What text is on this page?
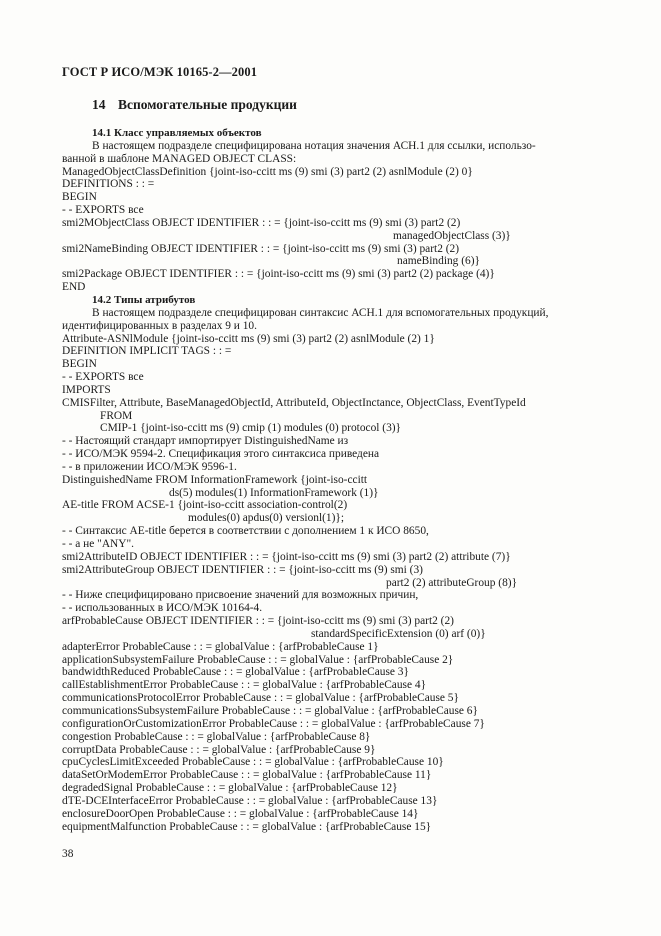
ГОСТ Р ИСО/МЭК 10165-2—2001
14 Вспомогательные продукции
14.1 Класс управляемых объектов
В настоящем подразделе специфицирована нотация значения АСН.1 для ссылки, использо-
ванной в шаблоне MANAGED OBJECT CLASS:
ManagedObjectClassDefinition {joint-iso-ccitt ms (9) smi (3) part2 (2) asnlModule (2) 0}
DEFINITIONS : : =
BEGIN
- - EXPORTS все
smi2MObjectClass OBJECT IDENTIFIER : : = {joint-iso-ccitt ms (9) smi (3) part2 (2)
managedObjectClass (3)}
smi2NameBinding OBJECT IDENTIFIER : : = {joint-iso-ccitt ms (9) smi (3) part2 (2)
nameBinding (6)}
smi2Package OBJECT IDENTIFIER : : = {joint-iso-ccitt ms (9) smi (3) part2 (2) package (4)}
END
14.2 Типы атрибутов
В настоящем подразделе специфицирован синтаксис АСН.1 для вспомогательных продукций,
идентифицированных в разделах 9 и 10.
Attribute-ASNlModule {joint-iso-ccitt ms (9) smi (3) part2 (2) asnlModule (2) 1}
DEFINITION IMPLICIT TAGS : : =
BEGIN
- - EXPORTS все
IMPORTS
CMISFilter, Attribute, BaseManagedObjectId, AttributeId, ObjectInctance, ObjectClass, EventTypeId
FROM
CMIP-1 {joint-iso-ccitt ms (9) cmip (1) modules (0) protocol (3)}
- - Настоящий стандарт импортирует DistinguishedName из
- - ИСО/МЭК 9594-2. Спецификация этого синтаксиса приведена
- - в приложении ИСО/МЭК 9596-1.
DistinguishedName FROM InformationFramework {joint-iso-ccitt
ds(5) modules(1) InformationFramework (1)}
AE-title FROM ACSE-1 {joint-iso-ccitt association-control(2)
modules(0) apdus(0) versionl(1)};
- - Синтаксис AE-title берется в соответствии с дополнением 1 к ИСО 8650,
- - а не "ANY".
smi2AttributeID OBJECT IDENTIFIER : : = {joint-iso-ccitt ms (9) smi (3) part2 (2) attribute (7)}
smi2AttributeGroup OBJECT IDENTIFIER : : = {joint-iso-ccitt ms (9) smi (3)
part2 (2) attributeGroup (8)}
- - Ниже специфицировано присвоение значений для возможных причин,
- - использованных в ИСО/МЭК 10164-4.
arfProbableCause OBJECT IDENTIFIER : : = {joint-iso-ccitt ms (9) smi (3) part2 (2)
standardSpecificExtension (0) arf (0)}
adapterError ProbableCause : : = globalValue : {arfProbableCause 1}
applicationSubsystemFailure ProbableCause : : = globalValue : {arfProbableCause 2}
bandwidthReduced ProbableCause : : = globalValue : {arfProbableCause 3}
callEstablishmentError ProbableCause : : = globalValue : {arfProbableCause 4}
communicationsProtocolError ProbableCause : : = globalValue : {arfProbableCause 5}
communicationsSubsystemFailure ProbableCause : : = globalValue : {arfProbableCause 6}
configurationOrCustomizationError ProbableCause : : = globalValue : {arfProbableCause 7}
congestion ProbableCause : : = globalValue : {arfProbableCause 8}
corruptData ProbableCause : : = globalValue : {arfProbableCause 9}
cpuCyclesLimitExceeded ProbableCause : : = globalValue : {arfProbableCause 10}
dataSetOrModemError ProbableCause : : = globalValue : {arfProbableCause 11}
degradedSignal ProbableCause : : = globalValue : {arfProbableCause 12}
dTE-DCEInterfaceError ProbableCause : : = globalValue : {arfProbableCause 13}
enclosureDoorOpen ProbableCause : : = globalValue : {arfProbableCause 14}
equipmentMalfunction ProbableCause : : = globalValue : {arfProbableCause 15}
38
